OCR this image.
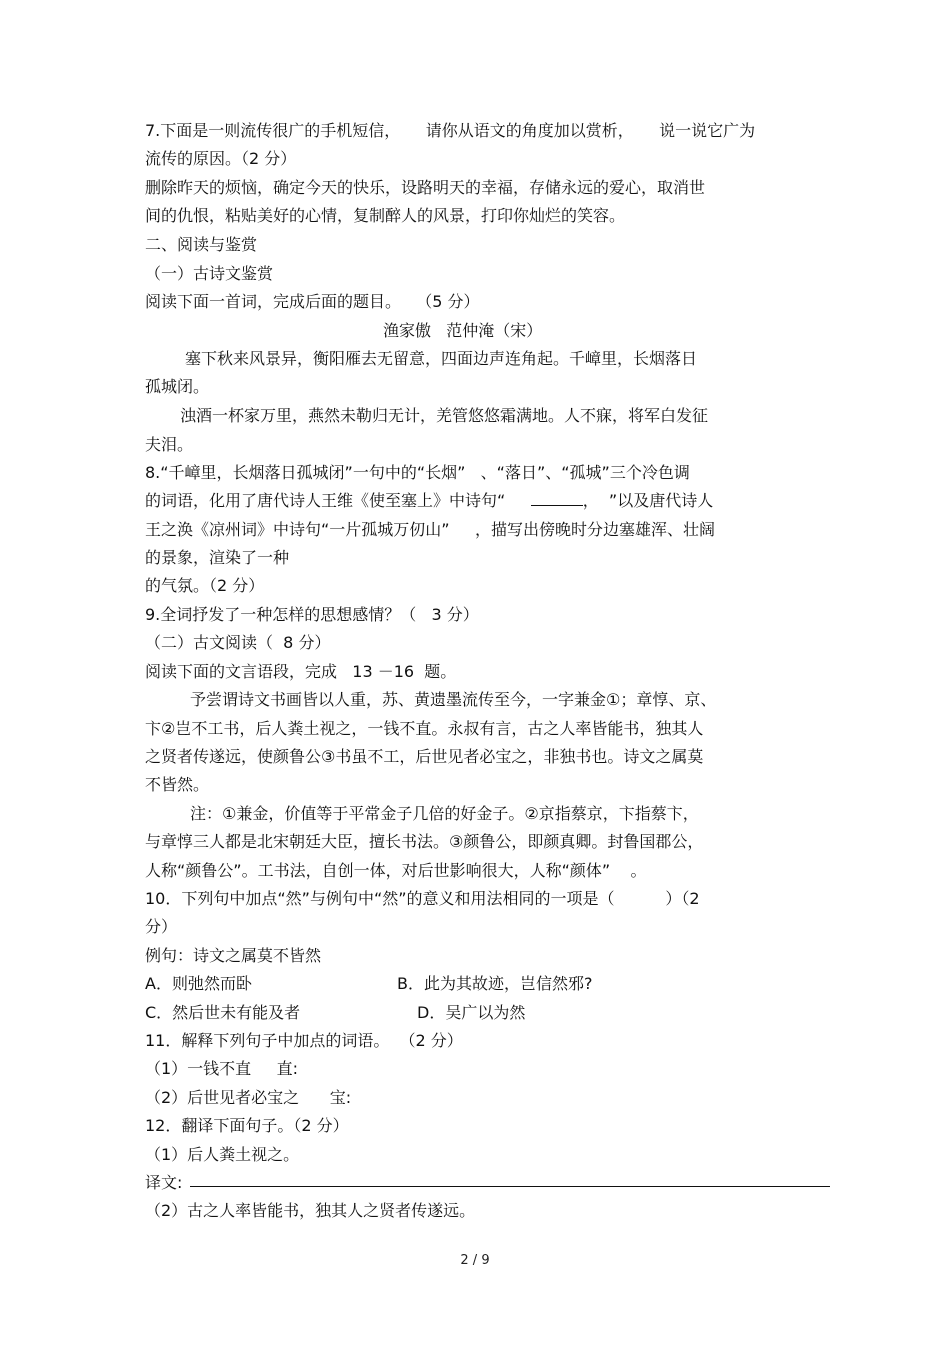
7.下面是一则流传很广的手机短信，     请你从语文的角度加以赏析，     说一说它广为
流传的原因。（2 分）
删除昨天的烦恼，确定今天的快乐，设路明天的幸福，存储永远的爱心，取消世
间的仇恨，粘贴美好的心情，复制醉人的风景，打印你灿烂的笑容。
二、阅读与鉴赏
（一）古诗文鉴赏
阅读下面一首词，完成后面的题目。   （5 分）
渔家傲   范仲淹（宋）
塞下秋来风景异，衡阳雁去无留意，四面边声连角起。千嶂里，长烟落日
孤城闭。
浊酒一杯家万里，燕然未勒归无计，羌管悠悠霜满地。人不寐，将军白发征
夫泪。
8.“千嶂里，长烟落日孤城闭”一句中的“长烟”   、“落日”、“孤城”三个冷色调
的词语，化用了唐代诗人王维《使至塞上》中诗句“	，  ”以及唐代诗人
王之涣《凉州词》中诗句“一片孤城万仞山”     ，描写出傍晚时分边塞雄浑、壮阔
的景象，渲染了一种
的气氛。（2 分）
9.全词抒发了一种怎样的思想感情？（   3 分）
（二）古文阅读（  8 分）
阅读下面的文言语段，完成   13 －16  题。
予尝谓诗文书画皆以人重，苏、黄遗墨流传至今，一字兼金①；章惇、京、
卞②岂不工书，后人粪土视之，一钱不直。永叔有言，古之人率皆能书，独其人
之贤者传遂远，使颜鲁公③书虽不工，后世见者必宝之，非独书也。诗文之属莫
不皆然。
注：①兼金，价值等于平常金子几倍的好金子。②京指蔡京，卞指蔡卞，
与章惇三人都是北宋朝廷大臣，擅长书法。③颜鲁公，即颜真卿。封鲁国郡公，
人称“颜鲁公”。工书法，自创一体，对后世影响很大，人称“颜体”    。
10．下列句中加点“然”与例句中“然”的意义和用法相同的一项是（          ）（2
分）
例句：诗文之属莫不皆然
A．则弛然而卧	B．此为其故迹，岂信然邪?
C．然后世未有能及者	D．吴广以为然
11．解释下列句子中加点的词语。  （2 分）
（1）一钱不直     直:
（2）后世见者必宝之      宝:
12．翻译下面句子。（2 分）
（1）后人粪土视之。
译文:
（2）古之人率皆能书，独其人之贤者传遂远。
2 / 9
